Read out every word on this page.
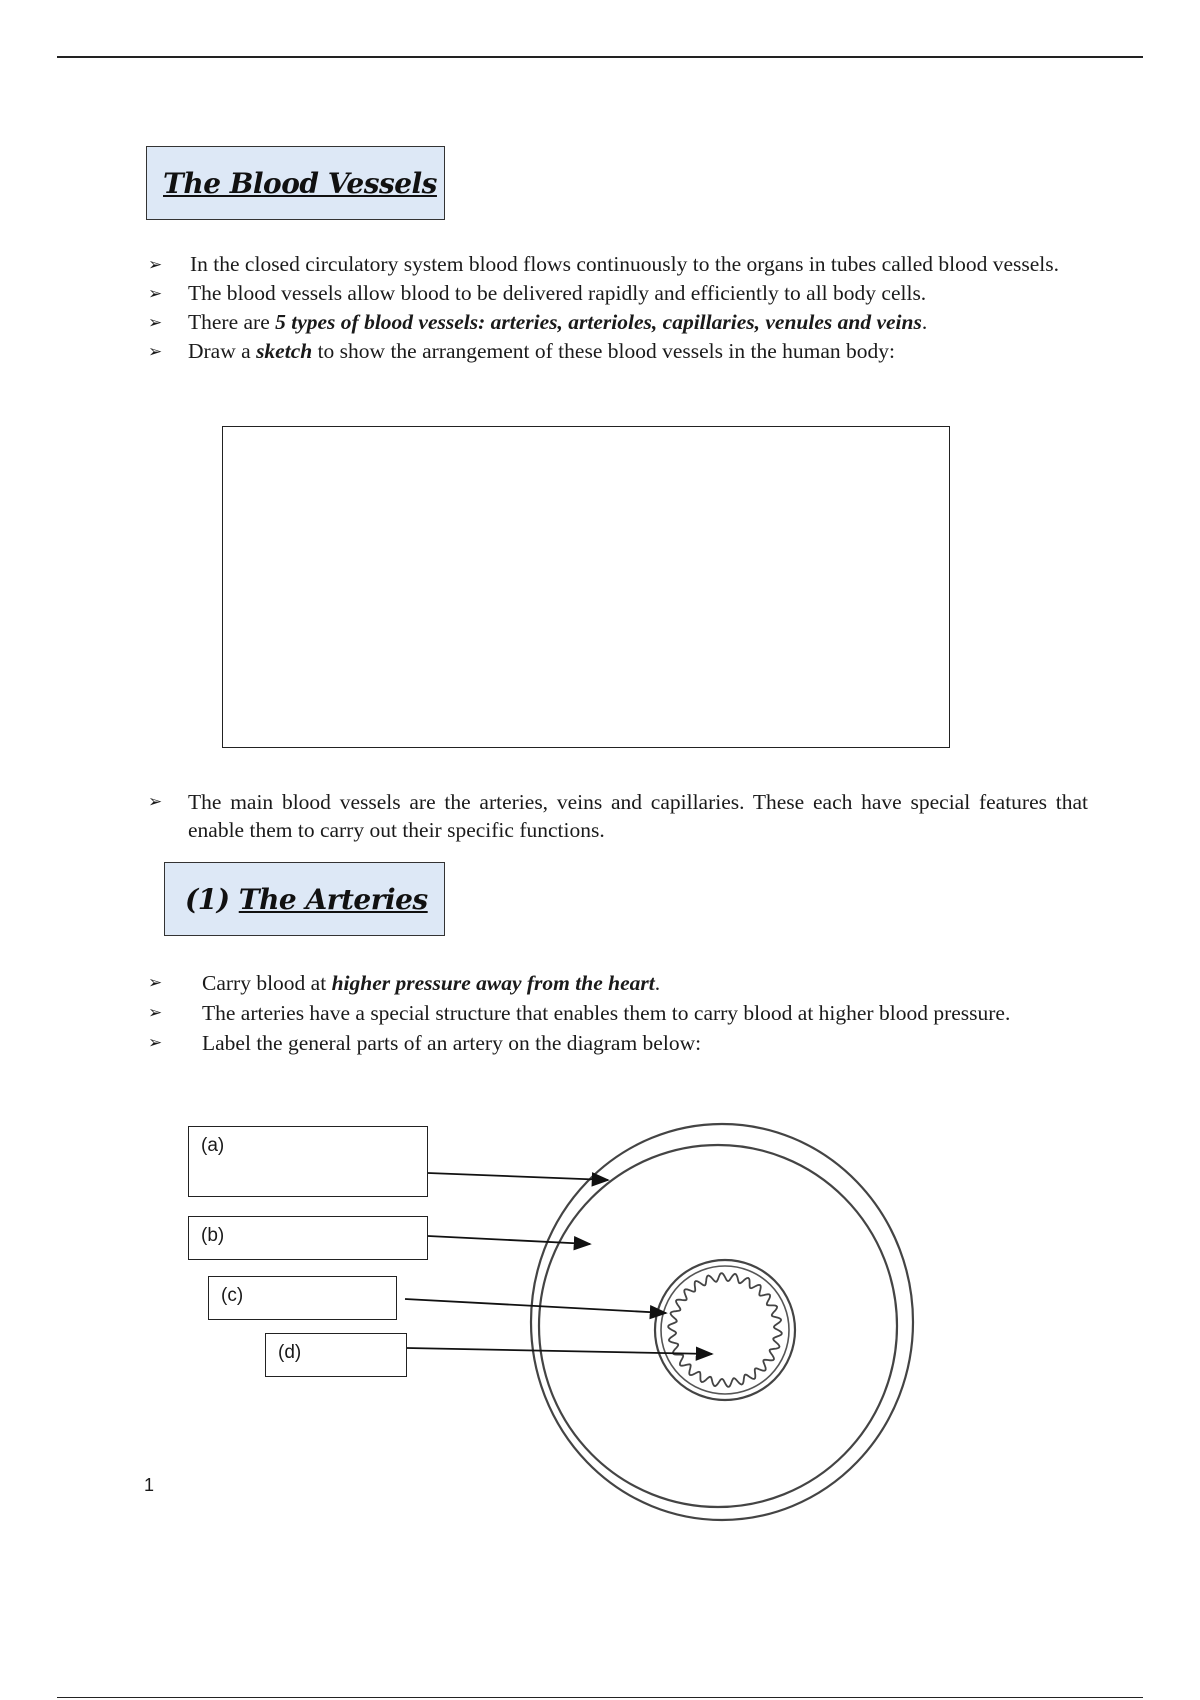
The Blood Vessels
➢ In the closed circulatory system blood flows continuously to the organs in tubes called blood vessels.
➢ The blood vessels allow blood to be delivered rapidly and efficiently to all body cells.
➢ There are 5 types of blood vessels: arteries, arterioles, capillaries, venules and veins.
➢ Draw a sketch to show the arrangement of these blood vessels in the human body:
➢ The main blood vessels are the arteries, veins and capillaries. These each have special features that enable them to carry out their specific functions.
(1) The Arteries
➢ Carry blood at higher pressure away from the heart.
➢ The arteries have a special structure that enables them to carry blood at higher blood pressure.
➢ Label the general parts of an artery on the diagram below:
(a)
(b)
(c)
(d)
1
